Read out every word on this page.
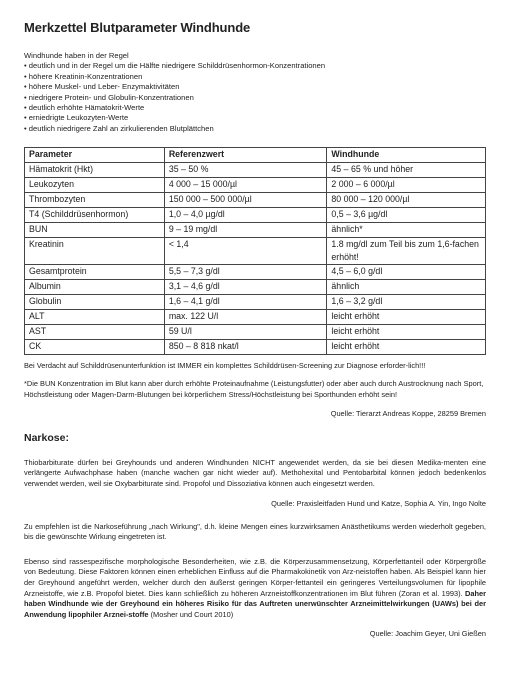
Merkzettel Blutparameter Windhunde
Windhunde haben in der Regel
• deutlich und in der Regel um die Hälfte niedrigere Schilddrüsenhormon-Konzentrationen
• höhere Kreatinin-Konzentrationen
• höhere Muskel- und Leber- Enzymaktivitäten
• niedrigere Protein- und Globulin-Konzentrationen
• deutlich erhöhte Hämatokrit-Werte
• erniedrigte Leukozyten-Werte
• deutlich niedrigere Zahl an zirkulierenden Blutplättchen
Parameter	Referenzwert	Windhunde
Hämatokrit (Hkt)	35 – 50 %	45 – 65 % und höher
Leukozyten	4 000 – 15 000/µl	2 000 – 6 000/µl
Thrombozyten	150 000 – 500 000/µl	80 000 – 120 000/µl
T4 (Schilddrüsenhormon)	1,0 – 4,0 µg/dl	0,5 – 3,6 µg/dl
BUN	9 – 19 mg/dl	ähnlich*
Kreatinin	< 1,4	1.8 mg/dl zum Teil bis zum 1,6-fachen erhöht!
Gesamtprotein	5,5 – 7,3 g/dl	4,5 – 6,0 g/dl
Albumin	3,1 – 4,6 g/dl	ähnlich
Globulin	1,6 – 4,1 g/dl	1,6 – 3,2 g/dl
ALT	max. 122 U/l	leicht erhöht
AST	59 U/l	leicht erhöht
CK	850 – 8 818 nkat/l	leicht erhöht
Bei Verdacht auf Schilddrüsenunterfunktion ist IMMER ein komplettes Schilddrüsen-Screening zur Diagnose erforder-lich!!!
*Die BUN Konzentration im Blut kann aber durch erhöhte Proteinaufnahme (Leistungsfutter) oder aber auch durch Austrocknung nach Sport, Höchstleistung oder Magen-Darm-Blutungen bei körperlichem Stress/Höchstleistung bei Sporthunden erhöht sein!
Quelle: Tierarzt Andreas Koppe, 28259 Bremen
Narkose:
Thiobarbiturate dürfen bei Greyhounds und anderen Windhunden NICHT angewendet werden, da sie bei diesen Medika-menten eine verlängerte Aufwachphase haben (manche wachen gar nicht wieder auf). Methohexital und Pentobarbital können jedoch bedenkenlos verwendet werden, weil sie Oxybarbiturate sind. Propofol und Dissoziativa können auch eingesetzt werden.
Quelle: Praxisleitfaden Hund und Katze, Sophia A. Yin, Ingo Nolte
Zu empfehlen ist die Narkoseführung „nach Wirkung", d.h. kleine Mengen eines kurzwirksamen Anästhetikums werden wiederholt gegeben, bis die gewünschte Wirkung eingetreten ist.
Ebenso sind rassespezifische morphologische Besonderheiten, wie z.B. die Körperzusammensetzung, Körperfettanteil oder Körpergröße von Bedeutung. Diese Faktoren können einen erheblichen Einfluss auf die Pharmakokinetik von Arz-neistoffen haben. Als Beispiel kann hier der Greyhound angeführt werden, welcher durch den äußerst geringen Körper-fettanteil ein geringeres Verteilungsvolumen für lipophile Arzneistoffe, wie z.B. Propofol bietet. Dies kann schließlich zu höheren Arzneistoffkonzentrationen im Blut führen (Zoran et al. 1993). Daher haben Windhunde wie der Greyhound ein höheres Risiko für das Auftreten unerwünschter Arzneimittelwirkungen (UAWs) bei der Anwendung lipophiler Arznei-stoffe (Mosher und Court 2010)
Quelle: Joachim Geyer, Uni Gießen
